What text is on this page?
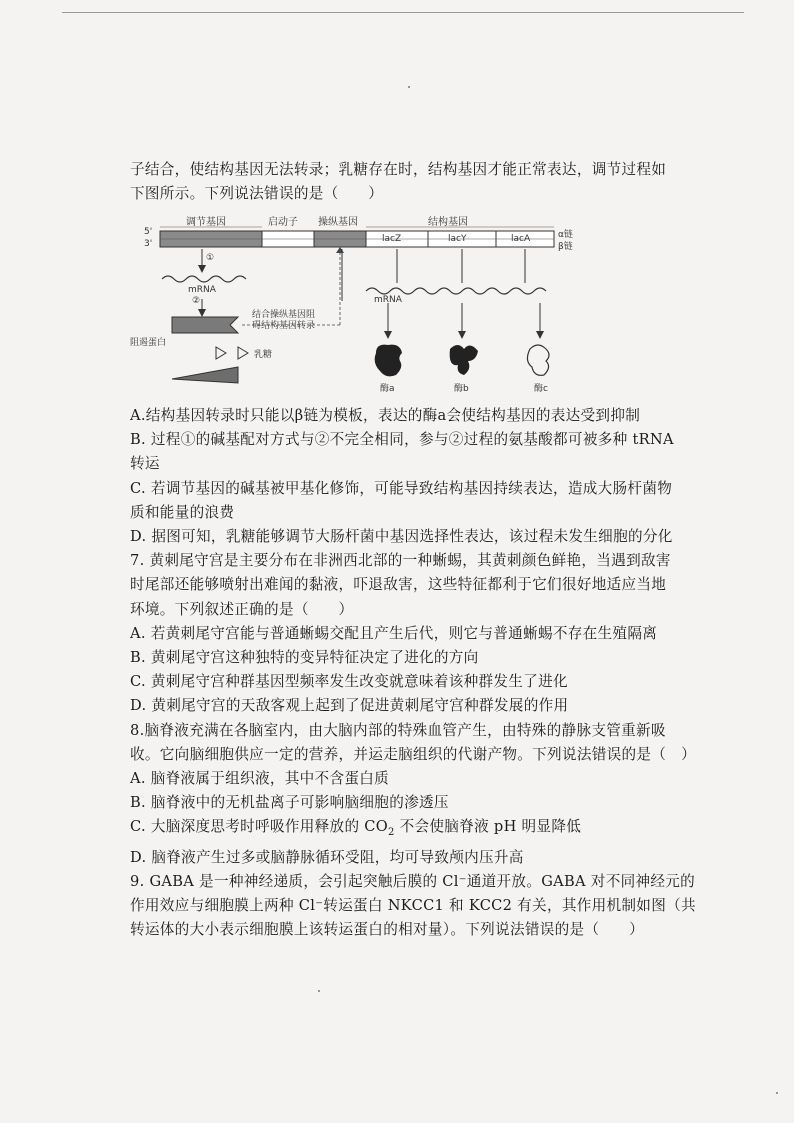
子结合，使结构基因无法转录；乳糖存在时，结构基因才能正常表达，调节过程如

下图所示。下列说法错误的是（　　）

调节基因	启动子 操纵基因	结构基因
5'
3'
α链
β链
lacZ	lacY	lacA
①
mRNA
②
结合操纵基因阻
碍结构基因转录
阻遏蛋白
乳糖
mRNA
酶a	酶b	酶c

A.结构基因转录时只能以β链为模板，表达的酶a会使结构基因的表达受到抑制

B. 过程①的碱基配对方式与②不完全相同，参与②过程的氨基酸都可被多种 tRNA

转运

C. 若调节基因的碱基被甲基化修饰，可能导致结构基因持续表达，造成大肠杆菌物

质和能量的浪费

D. 据图可知，乳糖能够调节大肠杆菌中基因选择性表达，该过程未发生细胞的分化

7. 黄刺尾守宫是主要分布在非洲西北部的一种蜥蜴，其黄刺颜色鲜艳，当遇到敌害

时尾部还能够喷射出难闻的黏液，吓退敌害，这些特征都利于它们很好地适应当地

环境。下列叙述正确的是（　　）

A. 若黄刺尾守宫能与普通蜥蜴交配且产生后代，则它与普通蜥蜴不存在生殖隔离

B. 黄刺尾守宫这种独特的变异特征决定了进化的方向

C. 黄刺尾守宫种群基因型频率发生改变就意味着该种群发生了进化

D. 黄刺尾守宫的天敌客观上起到了促进黄刺尾守宫种群发展的作用

8.脑脊液充满在各脑室内，由大脑内部的特殊血管产生，由特殊的静脉支管重新吸

收。它向脑细胞供应一定的营养，并运走脑组织的代谢产物。下列说法错误的是（　）

A. 脑脊液属于组织液，其中不含蛋白质

B. 脑脊液中的无机盐离子可影响脑细胞的渗透压

C. 大脑深度思考时呼吸作用释放的 $CO_2$ 不会使脑脊液 pH 明显降低

D. 脑脊液产生过多或脑静脉循环受阻，均可导致颅内压升高

9. GABA 是一种神经递质，会引起突触后膜的 Cl⁻通道开放。GABA 对不同神经元的

作用效应与细胞膜上两种 Cl⁻转运蛋白 NKCC1 和 KCC2 有关，其作用机制如图（共

转运体的大小表示细胞膜上该转运蛋白的相对量）。下列说法错误的是（　　）
